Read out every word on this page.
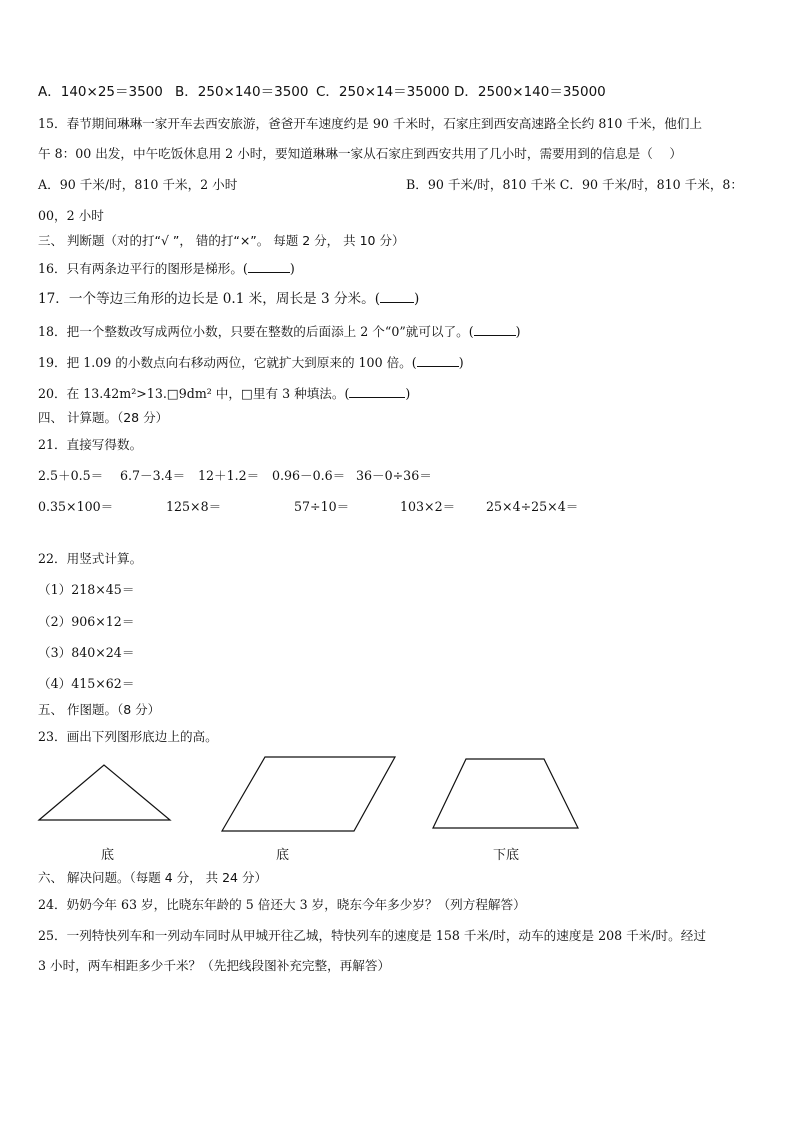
A．140×25＝3500 B．250×140＝3500 C．250×14＝35000 D．2500×140＝35000
15．春节期间琳琳一家开车去西安旅游，爸爸开车速度约是 90 千米时，石家庄到西安高速路全长约 810 千米，他们上
午 8：00 出发，中午吃饭休息用 2 小时，要知道琳琳一家从石家庄到西安共用了几小时，需要用到的信息是（　 ）
A．90 千米/时，810 千米，2 小时	B．90 千米/时，810 千米 C．90 千米/时，810 千米，8：
00，2 小时
三、 判断题（对的打“√ ”， 错的打“×”。 每题 2 分， 共 10 分）
16．只有两条边平行的图形是梯形。(	)
17．一个等边三角形的边长是 0.1 米，周长是 3 分米。(	)
18．把一个整数改写成两位小数，只要在整数的后面添上 2 个“0”就可以了。(	)
19．把 1.09 的小数点向右移动两位，它就扩大到原来的 100 倍。(	)
20．在 13.42m²>13.□9dm² 中，□里有 3 种填法。(	)
四、 计算题。（28 分）
21．直接写得数。
2.5＋0.5＝ 6.7－3.4＝ 12＋1.2＝ 0.96－0.6＝ 36－0÷36＝
0.35×100＝	125×8＝	57÷10＝	103×2＝ 25×4÷25×4＝
22．用竖式计算。
（1）218×45＝
（2）906×12＝
（3）840×24＝
（4）415×62＝
五、 作图题。（8 分）
23．画出下列图形底边上的高。
底	底	下底
六、 解决问题。（每题 4 分， 共 24 分）
24．奶奶今年 63 岁，比晓东年龄的 5 倍还大 3 岁，晓东今年多少岁？（列方程解答）
25．一列特快列车和一列动车同时从甲城开往乙城，特快列车的速度是 158 千米/时，动车的速度是 208 千米/时。经过
3 小时，两车相距多少千米？（先把线段图补充完整，再解答）
